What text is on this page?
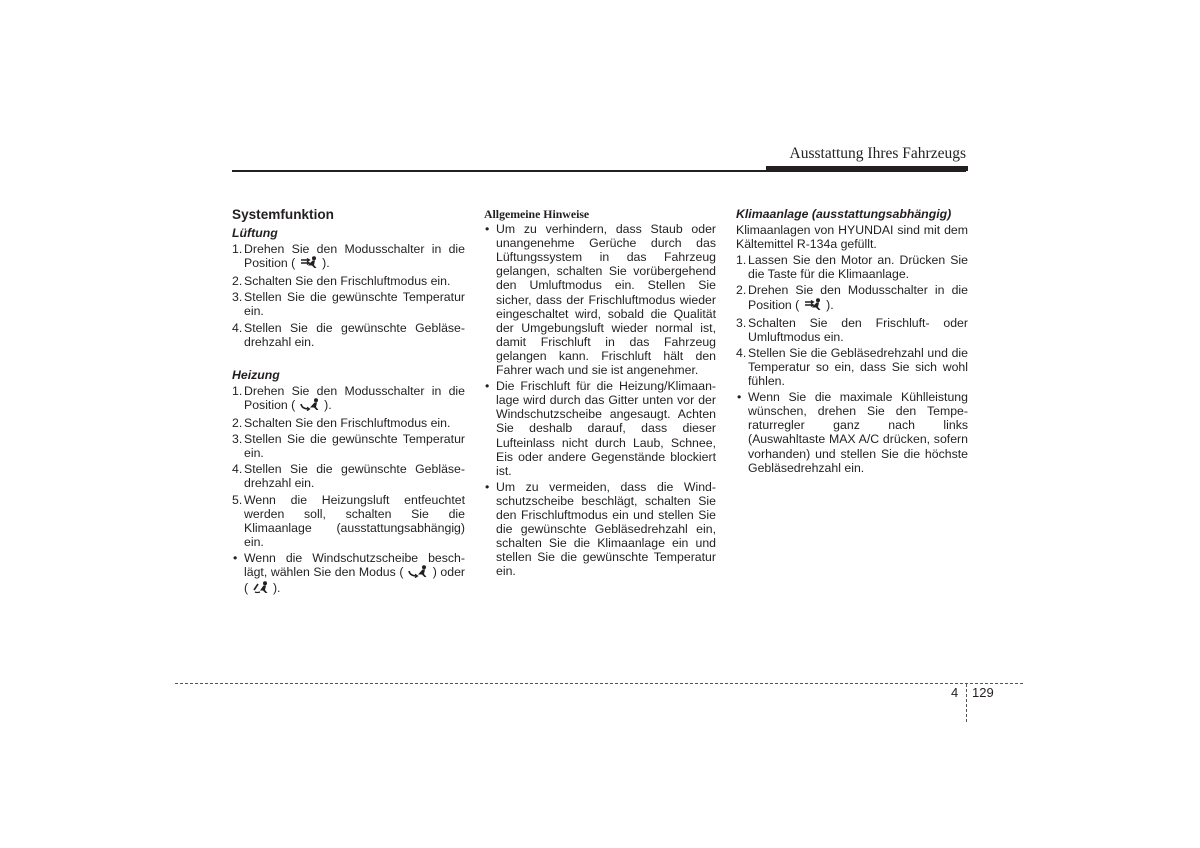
Ausstattung Ihres Fahrzeugs
Systemfunktion
Lüftung
1. Drehen Sie den Modusschalter in die Position ( ).
2. Schalten Sie den Frischluftmodus ein.
3. Stellen Sie die gewünschte Temperatur ein.
4. Stellen Sie die gewünschte Gebläse-drehzahl ein.
Heizung
1. Drehen Sie den Modusschalter in die Position ( ).
2. Schalten Sie den Frischluftmodus ein.
3. Stellen Sie die gewünschte Temperatur ein.
4. Stellen Sie die gewünschte Gebläse-drehzahl ein.
5. Wenn die Heizungsluft entfeuchtet werden soll, schalten Sie die Klimaanlage (ausstattungsabhängig) ein.
• Wenn die Windschutzscheibe besch-lägt, wählen Sie den Modus ( ) oder ( ).
Allgemeine Hinweise
• Um zu verhindern, dass Staub oder unangenehme Gerüche durch das Lüftungssystem in das Fahrzeug gelangen, schalten Sie vorübergehend den Umluftmodus ein. Stellen Sie sicher, dass der Frischluftmodus wieder eingeschaltet wird, sobald die Qualität der Umgebungsluft wieder normal ist, damit Frischluft in das Fahrzeug gelangen kann. Frischluft hält den Fahrer wach und sie ist angenehmer.
• Die Frischluft für die Heizung/Klimaan-lage wird durch das Gitter unten vor der Windschutzscheibe angesaugt. Achten Sie deshalb darauf, dass dieser Lufteinlass nicht durch Laub, Schnee, Eis oder andere Gegenstände blockiert ist.
• Um zu vermeiden, dass die Wind-schutzscheibe beschlägt, schalten Sie den Frischluftmodus ein und stellen Sie die gewünschte Gebläsedrehzahl ein, schalten Sie die Klimaanlage ein und stellen Sie die gewünschte Temperatur ein.
Klimaanlage (ausstattungsabhängig)

Klimaanlagen von HYUNDAI sind mit dem Kältemittel R-134a gefüllt.

1. Lassen Sie den Motor an. Drücken Sie die Taste für die Klimaanlage.
2. Drehen Sie den Modusschalter in die Position ( ).
3. Schalten Sie den Frischluft- oder Umluftmodus ein.
4. Stellen Sie die Gebläsedrehzahl und die Temperatur so ein, dass Sie sich wohl fühlen.
• Wenn Sie die maximale Kühlleistung wünschen, drehen Sie den Tempe-raturregler ganz nach links (Auswahltaste MAX A/C drücken, sofern vorhanden) und stellen Sie die höchste Gebläsedrehzahl ein.
4 129
